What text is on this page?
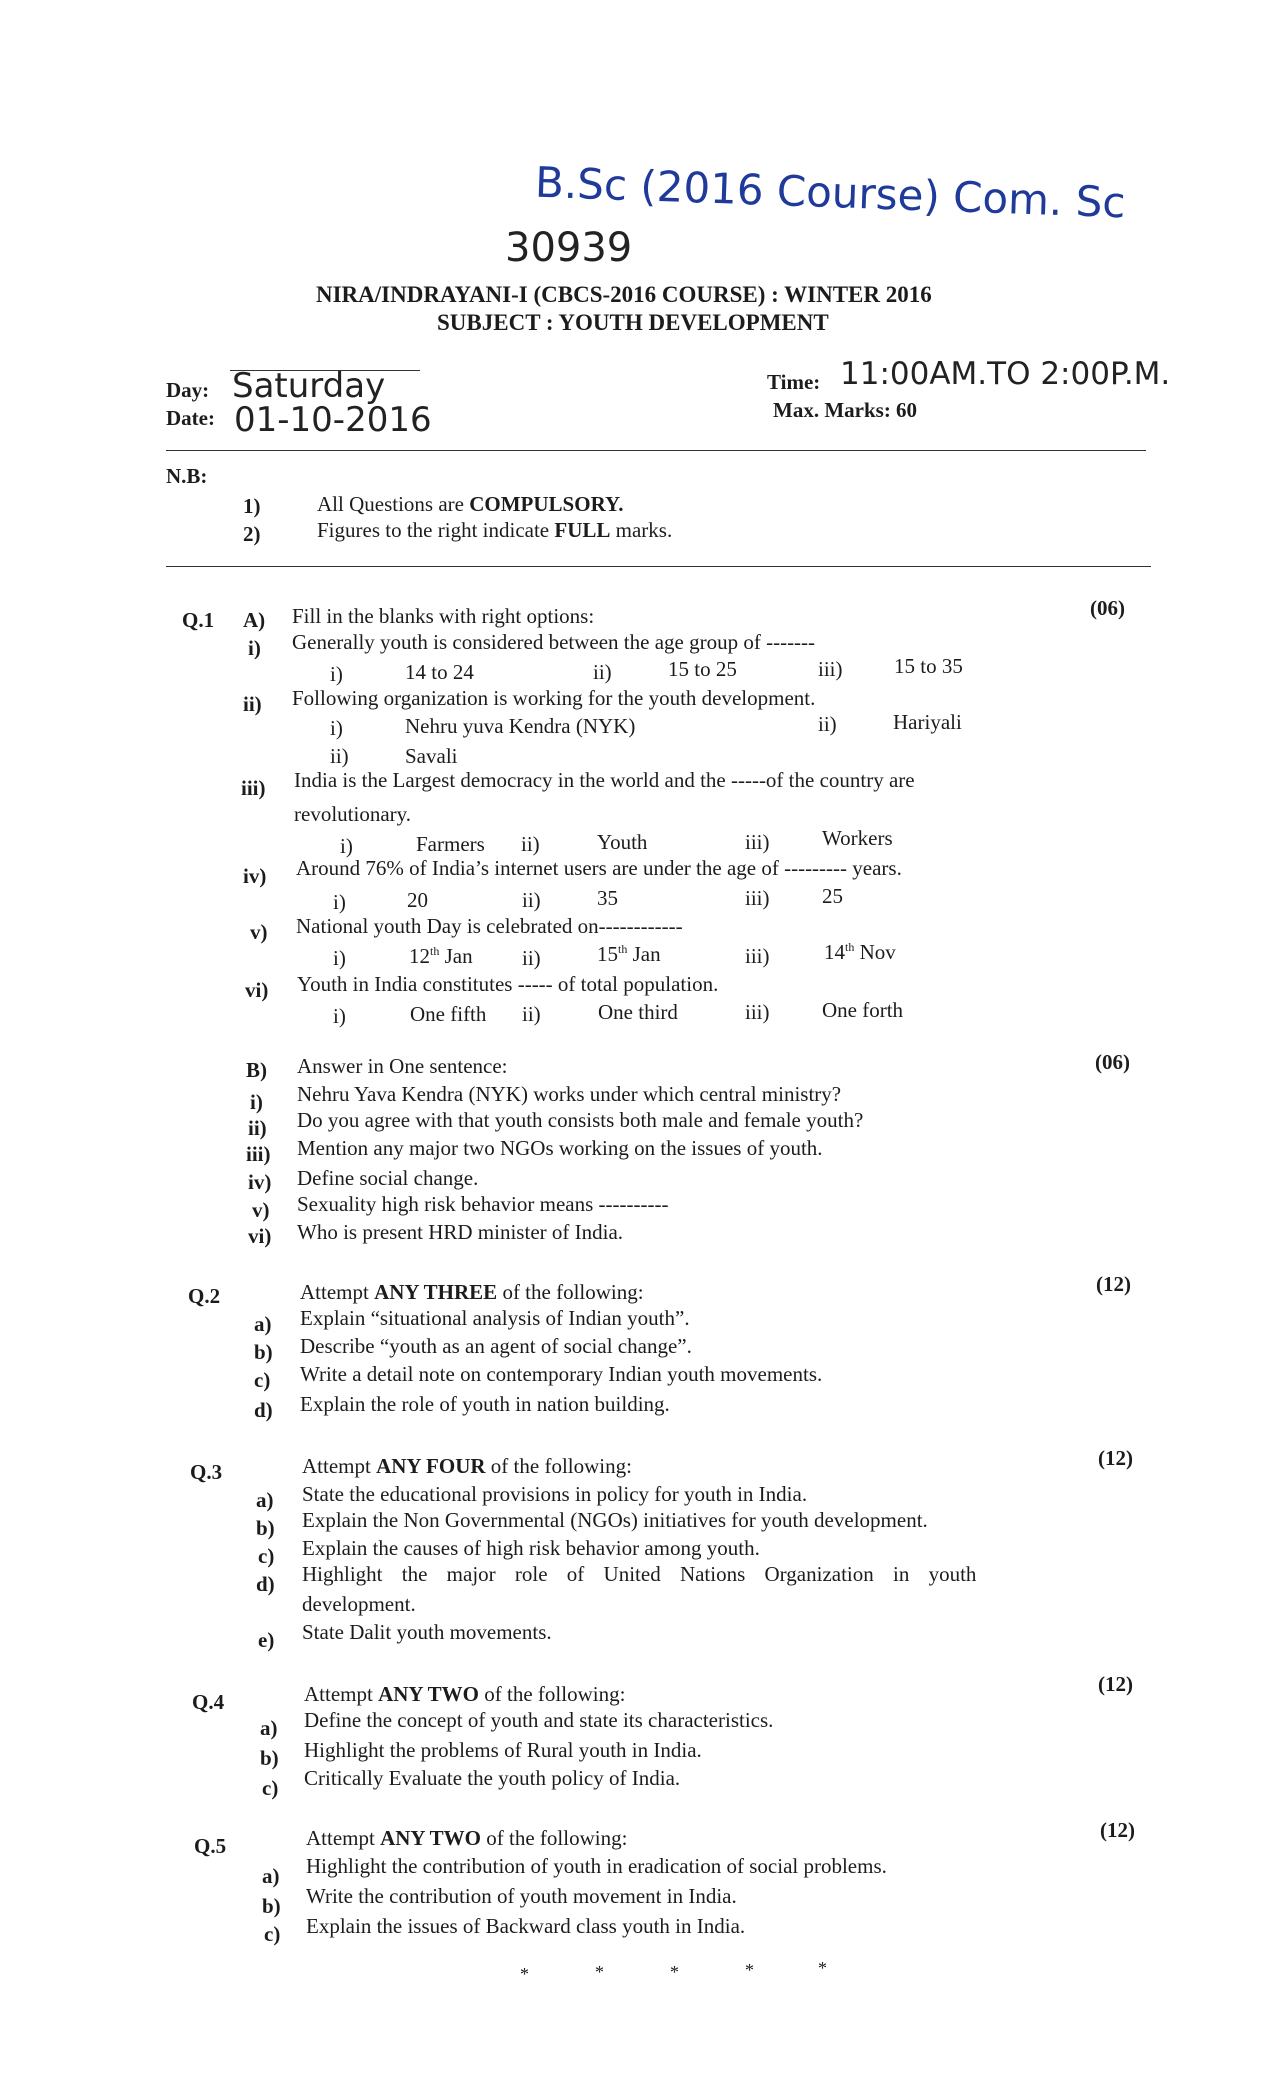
B.Sc (2016 Course) Com. Sc
30939
NIRA/INDRAYANI-I (CBCS-2016 COURSE) : WINTER 2016
SUBJECT : YOUTH DEVELOPMENT
Day: Saturday
Date: 01-10-2016
Time: 11:00AM.TO 2:00P.M.
Max. Marks: 60
N.B:
1)	All Questions are COMPULSORY.
2)	Figures to the right indicate FULL marks.
Q.1 A) Fill in the blanks with right options:	(06)
i) Generally youth is considered between the age group of -------
i)	14 to 24	ii)	15 to 25	iii) 15 to 35
ii) Following organization is working for the youth development.
i)	Nehru yuva Kendra (NYK)	ii)	Hariyali
ii)	Savali
iii) India is the Largest democracy in the world and the -----of the country are
revolutionary.
i)	Farmers ii)	Youth	iii)	Workers
iv) Around 76% of India’s internet users are under the age of --------- years.
i)	20	ii)	35	iii)	25
v) National youth Day is celebrated on------------
i)	12th Jan ii)	15th Jan	iii)	14th Nov
vi) Youth in India constitutes ----- of total population.
i)	One fifth ii)	One third	iii)	One forth
B) Answer in One sentence:	(06)
i) Nehru Yava Kendra (NYK) works under which central ministry?
ii) Do you agree with that youth consists both male and female youth?
iii) Mention any major two NGOs working on the issues of youth.
iv) Define social change.
v) Sexuality high risk behavior means ----------
vi) Who is present HRD minister of India.
Q.2	Attempt ANY THREE of the following:	(12)
a) Explain “situational analysis of Indian youth”.
b) Describe “youth as an agent of social change”.
c) Write a detail note on contemporary Indian youth movements.
d) Explain the role of youth in nation building.
Q.3	Attempt ANY FOUR of the following:	(12)
a) State the educational provisions in policy for youth in India.
b) Explain the Non Governmental (NGOs) initiatives for youth development.
c) Explain the causes of high risk behavior among youth.
d) Highlight the major role of United Nations Organization in youth
development.
e) State Dalit youth movements.
Q.4	Attempt ANY TWO of the following:	(12)
a) Define the concept of youth and state its characteristics.
b) Highlight the problems of Rural youth in India.
c) Critically Evaluate the youth policy of India.
Q.5	Attempt ANY TWO of the following:	(12)
a) Highlight the contribution of youth in eradication of social problems.
b) Write the contribution of youth movement in India.
c) Explain the issues of Backward class youth in India.
*	*	*	*	*
